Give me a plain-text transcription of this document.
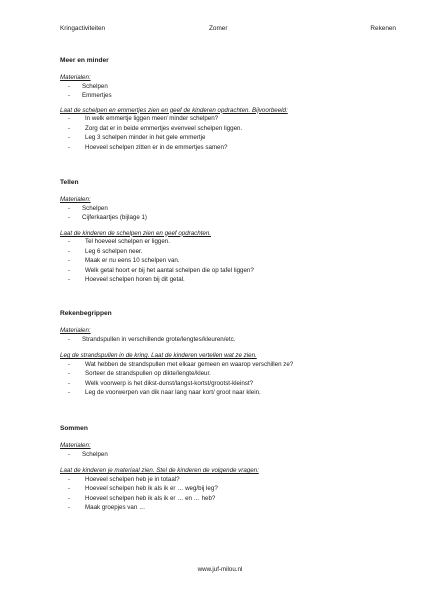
Kringactiviteiten	Zomer	Rekenen
Meer en minder
Materialen:
- Schelpen
- Emmertjes
Laat de schelpen en emmertjes zien en geef de kinderen opdrachten. Bijvoorbeeld:
- In welk emmertje liggen meer/ minder schelpen?
- Zorg dat er in beide emmertjes evenveel schelpen liggen.
- Leg 3 schelpen minder in het gele emmertje
- Hoeveel schelpen zitten er in de emmertjes samen?
Tellen
Materialen:
- Schelpen
- Cijferkaartjes (bijlage 1)
Laat de kinderen de schelpen zien en geef opdrachten.
- Tel hoeveel schelpen er liggen.
- Leg 6 schelpen neer.
- Maak er nu eens 10 schelpen van.
- Welk getal hoort er bij het aantal schelpen die op tafel liggen?
- Hoeveel schelpen horen bij dit getal.
Rekenbegrippen
Materialen:
- Strandspullen in verschillende grote/lengtes/kleuren/etc.
Leg de strandspullen in de kring. Laat de kinderen vertellen wat ze zien.
- Wat hebben de strandspullen met elkaar gemeen en waarop verschillen ze?
- Sorteer de strandspullen op dikte/lengte/kleur.
- Welk voorwerp is het dikst-dunst/langst-kortst/grootst-kleinst?
- Leg de voorwerpen van dik naar lang naar kort/ groot naar klein.
Sommen
Materialen:
- Schelpen
Laat de kinderen je materiaal zien. Stel de kinderen de volgende vragen:
- Hoeveel schelpen heb je in totaal?
- Hoeveel schelpen heb ik als ik er … weg/bij leg?
- Hoeveel schelpen heb ik als ik er … en … heb?
- Maak groepjes van …
www.juf-milou.nl
